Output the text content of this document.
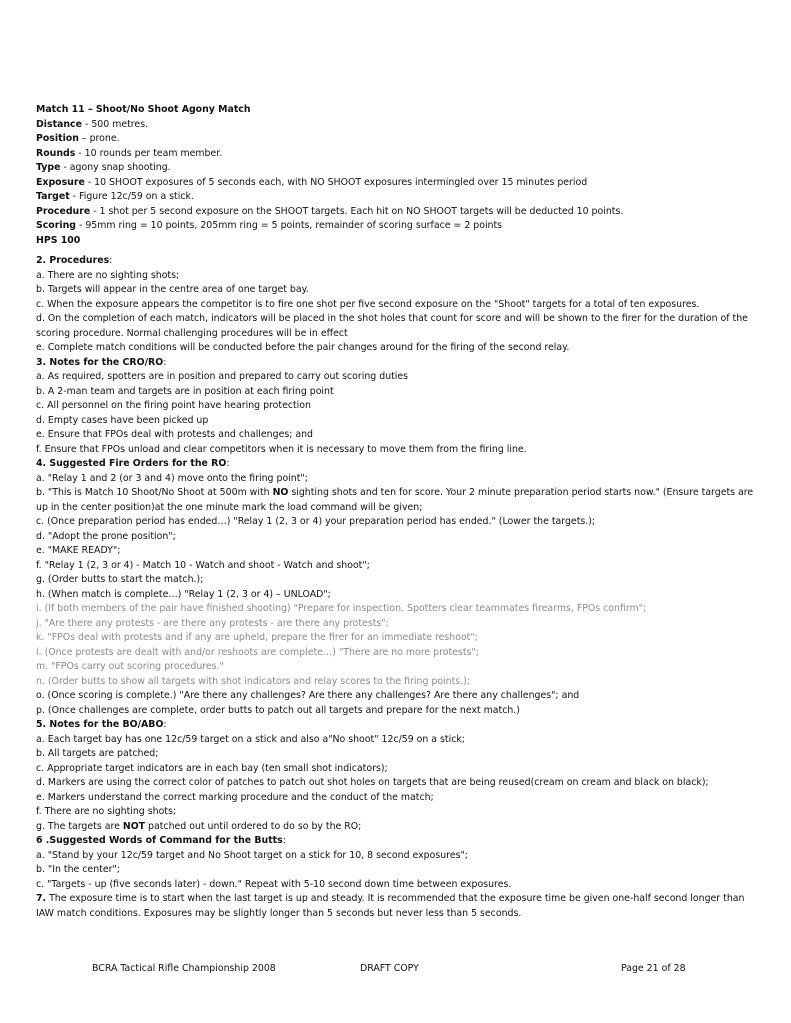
Match 11 – Shoot/No Shoot Agony Match
Distance - 500 metres.
Position – prone.
Rounds - 10 rounds per team member.
Type - agony snap shooting.
Exposure - 10 SHOOT exposures of 5 seconds each, with NO SHOOT exposures intermingled over 15 minutes period
Target - Figure 12c/59 on a stick.
Procedure - 1 shot per 5 second exposure on the SHOOT targets. Each hit on NO SHOOT targets will be deducted 10 points.
Scoring - 95mm ring = 10 points, 205mm ring = 5 points, remainder of scoring surface = 2 points
HPS 100
2. Procedures:
a. There are no sighting shots;
b. Targets will appear in the centre area of one target bay.
c. When the exposure appears the competitor is to fire one shot per five second exposure on the "Shoot" targets for a total of ten exposures.
d. On the completion of each match, indicators will be placed in the shot holes that count for score and will be shown to the firer for the duration of the scoring procedure. Normal challenging procedures will be in effect
e. Complete match conditions will be conducted before the pair changes around for the firing of the second relay.
3. Notes for the CRO/RO:
a. As required, spotters are in position and prepared to carry out scoring duties
b. A 2-man team and targets are in position at each firing point
c. All personnel on the firing point have hearing protection
d. Empty cases have been picked up
e. Ensure that FPOs deal with protests and challenges; and
f. Ensure that FPOs unload and clear competitors when it is necessary to move them from the firing line.
4. Suggested Fire Orders for the RO:
a. "Relay 1 and 2 (or 3 and 4) move onto the firing point";
b. "This is Match 10 Shoot/No Shoot at 500m with NO sighting shots and ten for score. Your 2 minute preparation period starts now." (Ensure targets are up in the center position)at the one minute mark the load command will be given;
c. (Once preparation period has ended…) "Relay 1 (2, 3 or 4) your preparation period has ended." (Lower the targets.);
d. "Adopt the prone position";
e. "MAKE READY";
f. "Relay 1 (2, 3 or 4) - Match 10 - Watch and shoot - Watch and shoot";
g. (Order butts to start the match.);
h. (When match is complete…) "Relay 1 (2, 3 or 4) – UNLOAD";
i. (If both members of the pair have finished shooting) "Prepare for inspection. Spotters clear teammates firearms, FPOs confirm";
j. "Are there any protests - are there any protests - are there any protests";
k. "FPOs deal with protests and if any are upheld, prepare the firer for an immediate reshoot";
l. (Once protests are dealt with and/or reshoots are complete…) "There are no more protests";
m. "FPOs carry out scoring procedures."
n. (Order butts to show all targets with shot indicators and relay scores to the firing points.);
o. (Once scoring is complete.) "Are there any challenges? Are there any challenges? Are there any challenges"; and
p. (Once challenges are complete, order butts to patch out all targets and prepare for the next match.)
5. Notes for the BO/ABO:
a. Each target bay has one 12c/59 target on a stick and also a"No shoot" 12c/59 on a stick;
b. All targets are patched;
c. Appropriate target indicators are in each bay (ten small shot indicators);
d. Markers are using the correct color of patches to patch out shot holes on targets that are being reused(cream on cream and black on black);
e. Markers understand the correct marking procedure and the conduct of the match;
f. There are no sighting shots;
g. The targets are NOT patched out until ordered to do so by the RO;
6 .Suggested Words of Command for the Butts:
a. "Stand by your 12c/59 target and No Shoot target on a stick for 10, 8 second exposures";
b. "In the center";
c. "Targets - up (five seconds later) - down." Repeat with 5-10 second down time between exposures.
7. The exposure time is to start when the last target is up and steady. It is recommended that the exposure time be given one-half second longer than IAW match conditions. Exposures may be slightly longer than 5 seconds but never less than 5 seconds.
BCRA Tactical Rifle Championship 2008	DRAFT COPY	Page 21 of 28
